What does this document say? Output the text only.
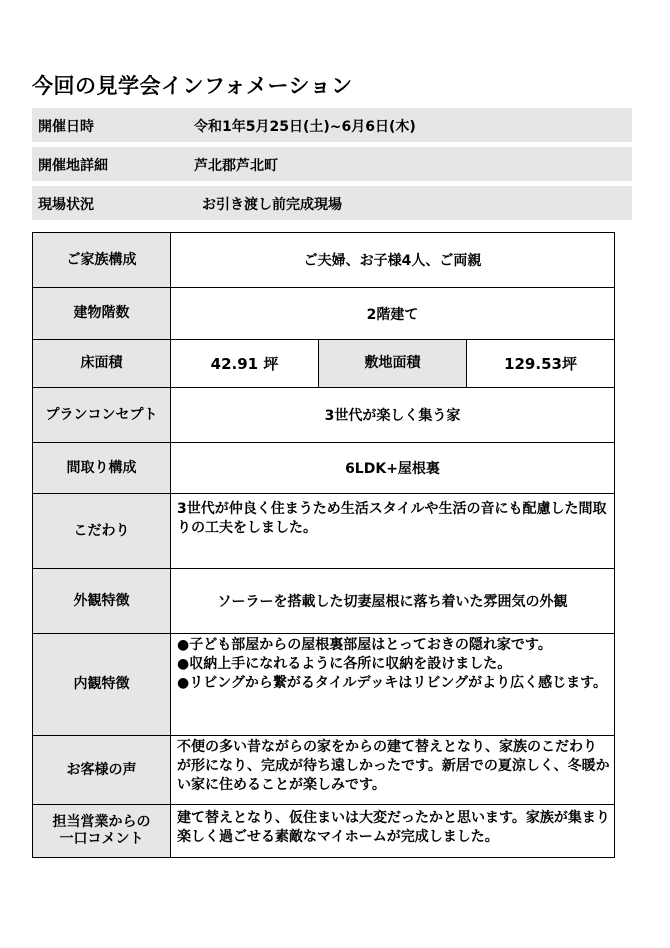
今回の見学会インフォメーション
開催日時	令和1年5月25日(土)~6月6日(木)
開催地詳細	芦北郡芦北町
現場状況	お引き渡し前完成現場
ご家族構成	ご夫婦、お子様4人、ご両親		
建物階数	2階建て		
床面積	42.91 坪	敷地面積	129.53坪
プランコンセプト	3世代が楽しく集う家		
間取り構成	6LDK+屋根裏		
こだわり	3世代が仲良く住まうため生活スタイルや生活の音にも配慮した間取りの工夫をしました。		
外観特徴	ソーラーを搭載した切妻屋根に落ち着いた雰囲気の外観		
内観特徴	●子ども部屋からの屋根裏部屋はとっておきの隠れ家です。

●収納上手になれるように各所に収納を設けました。

●リビングから繋がるタイルデッキはリビングがより広く感じます。		

お客様の声	不便の多い昔ながらの家をからの建て替えとなり、家族のこだわりが形になり、完成が待ち遠しかったです。新居での夏涼しく、冬暖かい家に住めることが楽しみです。		

担当営業からの
一口コメント	建て替えとなり、仮住まいは大変だったかと思います。家族が集まり楽しく過ごせる素敵なマイホームが完成しました。		
